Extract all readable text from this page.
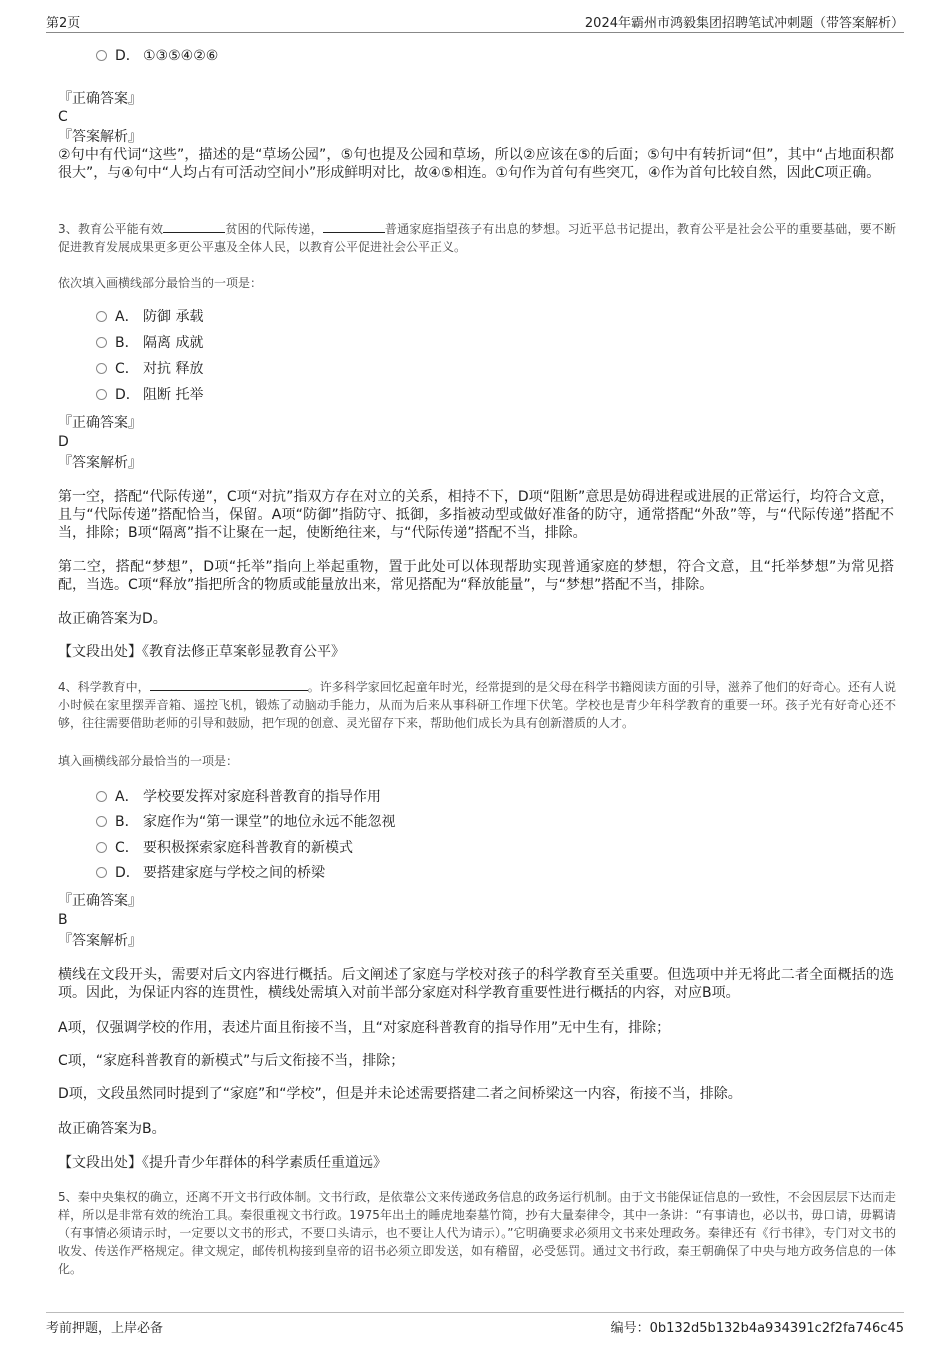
第2页	2024年霸州市鸿毅集团招聘笔试冲刺题（带答案解析）
D． ①③⑤④②⑥
『正确答案』
C
『答案解析』
②句中有代词“这些”，描述的是“草场公园”，⑤句也提及公园和草场，所以②应该在⑤的后面；⑤句中有转折词“但”，其中“占地面积都很大”，与④句中“人均占有可活动空间小”形成鲜明对比，故④⑤相连。①句作为首句有些突兀，④作为首句比较自然，因此C项正确。
3、教育公平能有效	贫困的代际传递，	普通家庭指望孩子有出息的梦想。习近平总书记提出，教育公平是社会公平的重要基础，要不断促进教育发展成果更多更公平惠及全体人民，以教育公平促进社会公平正义。
依次填入画横线部分最恰当的一项是：
A． 防御 承载
B． 隔离 成就
C． 对抗 释放
D． 阻断 托举
『正确答案』
D
『答案解析』
第一空，搭配“代际传递”，C项“对抗”指双方存在对立的关系，相持不下，D项“阻断”意思是妨碍进程或进展的正常运行，均符合文意，且与“代际传递”搭配恰当，保留。A项“防御”指防守、抵御，多指被动型或做好准备的防守，通常搭配“外敌”等，与“代际传递”搭配不当，排除；B项“隔离”指不让聚在一起，使断绝往来，与“代际传递”搭配不当，排除。
第二空，搭配“梦想”，D项“托举”指向上举起重物，置于此处可以体现帮助实现普通家庭的梦想，符合文意，且“托举梦想”为常见搭配，当选。C项“释放”指把所含的物质或能量放出来，常见搭配为“释放能量”，与“梦想”搭配不当，排除。
故正确答案为D。
【文段出处】《教育法修正草案彰显教育公平》
4、科学教育中，	。许多科学家回忆起童年时光，经常提到的是父母在科学书籍阅读方面的引导，滋养了他们的好奇心。还有人说小时候在家里摆弄音箱、遥控飞机，锻炼了动脑动手能力，从而为后来从事科研工作埋下伏笔。学校也是青少年科学教育的重要一环。孩子光有好奇心还不够，往往需要借助老师的引导和鼓励，把乍现的创意、灵光留存下来，帮助他们成长为具有创新潜质的人才。
填入画横线部分最恰当的一项是：
A． 学校要发挥对家庭科普教育的指导作用
B． 家庭作为“第一课堂”的地位永远不能忽视
C． 要积极探索家庭科普教育的新模式
D． 要搭建家庭与学校之间的桥梁
『正确答案』
B
『答案解析』
横线在文段开头，需要对后文内容进行概括。后文阐述了家庭与学校对孩子的科学教育至关重要。但选项中并无将此二者全面概括的选项。因此，为保证内容的连贯性，横线处需填入对前半部分家庭对科学教育重要性进行概括的内容，对应B项。
A项，仅强调学校的作用，表述片面且衔接不当，且“对家庭科普教育的指导作用”无中生有，排除；
C项，“家庭科普教育的新模式”与后文衔接不当，排除；
D项，文段虽然同时提到了“家庭”和“学校”，但是并未论述需要搭建二者之间桥梁这一内容，衔接不当，排除。
故正确答案为B。
【文段出处】《提升青少年群体的科学素质任重道远》
5、秦中央集权的确立，还离不开文书行政体制。文书行政，是依靠公文来传递政务信息的政务运行机制。由于文书能保证信息的一致性，不会因层层下达而走样，所以是非常有效的统治工具。秦很重视文书行政。1975年出土的睡虎地秦墓竹简，抄有大量秦律令，其中一条讲：“有事请也，必以书，毋口请，毋羁请（有事情必须请示时，一定要以文书的形式，不要口头请示，也不要让人代为请示）。”它明确要求必须用文书来处理政务。秦律还有《行书律》，专门对文书的收发、传送作严格规定。律文规定，邮传机构接到皇帝的诏书必须立即发送，如有稽留，必受惩罚。通过文书行政，秦王朝确保了中央与地方政务信息的一体化。
考前押题，上岸必备	编号：0b132d5b132b4a934391c2f2fa746c45
